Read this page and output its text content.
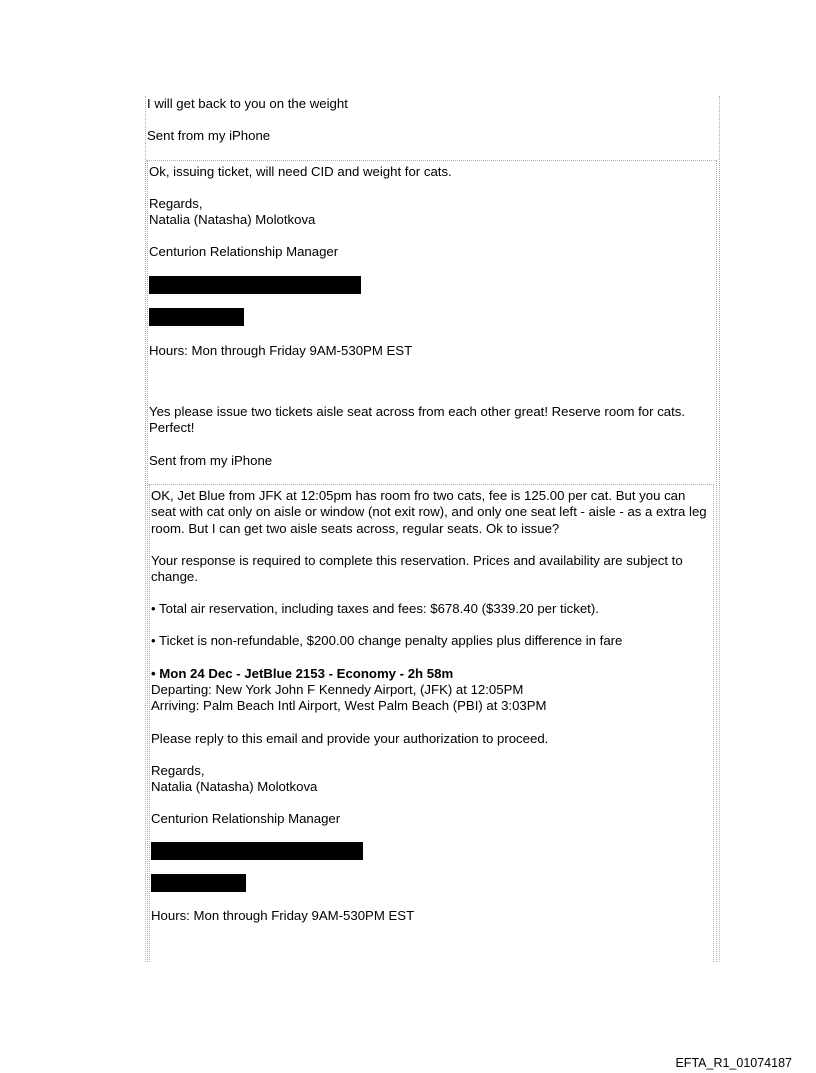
I will get back to you on the weight

Sent from my iPhone

Ok, issuing ticket, will need CID and weight for cats.

Regards,

Natalia (Natasha) Molotkova

Centurion Relationship Manager

Hours: Mon through Friday 9AM-530PM EST

Yes please issue two tickets aisle seat across from each other great! Reserve room for cats. Perfect!

Sent from my iPhone

OK, Jet Blue from JFK at 12:05pm has room fro two cats, fee is 125.00 per cat. But you can seat with cat only on aisle or window (not exit row), and only one seat left - aisle - as a extra leg room. But I can get two aisle seats across, regular seats. Ok to issue?

Your response is required to complete this reservation. Prices and availability are subject to change.

• Total air reservation, including taxes and fees: $678.40 ($339.20 per ticket).

• Ticket is non-refundable, $200.00 change penalty applies plus difference in fare

• Mon 24 Dec - JetBlue 2153 - Economy - 2h 58m

Departing: New York John F Kennedy Airport, (JFK) at 12:05PM

Arriving: Palm Beach Intl Airport, West Palm Beach (PBI) at 3:03PM

Please reply to this email and provide your authorization to proceed.

Regards,

Natalia (Natasha) Molotkova

Centurion Relationship Manager

Hours: Mon through Friday 9AM-530PM EST

EFTA_R1_01074187
